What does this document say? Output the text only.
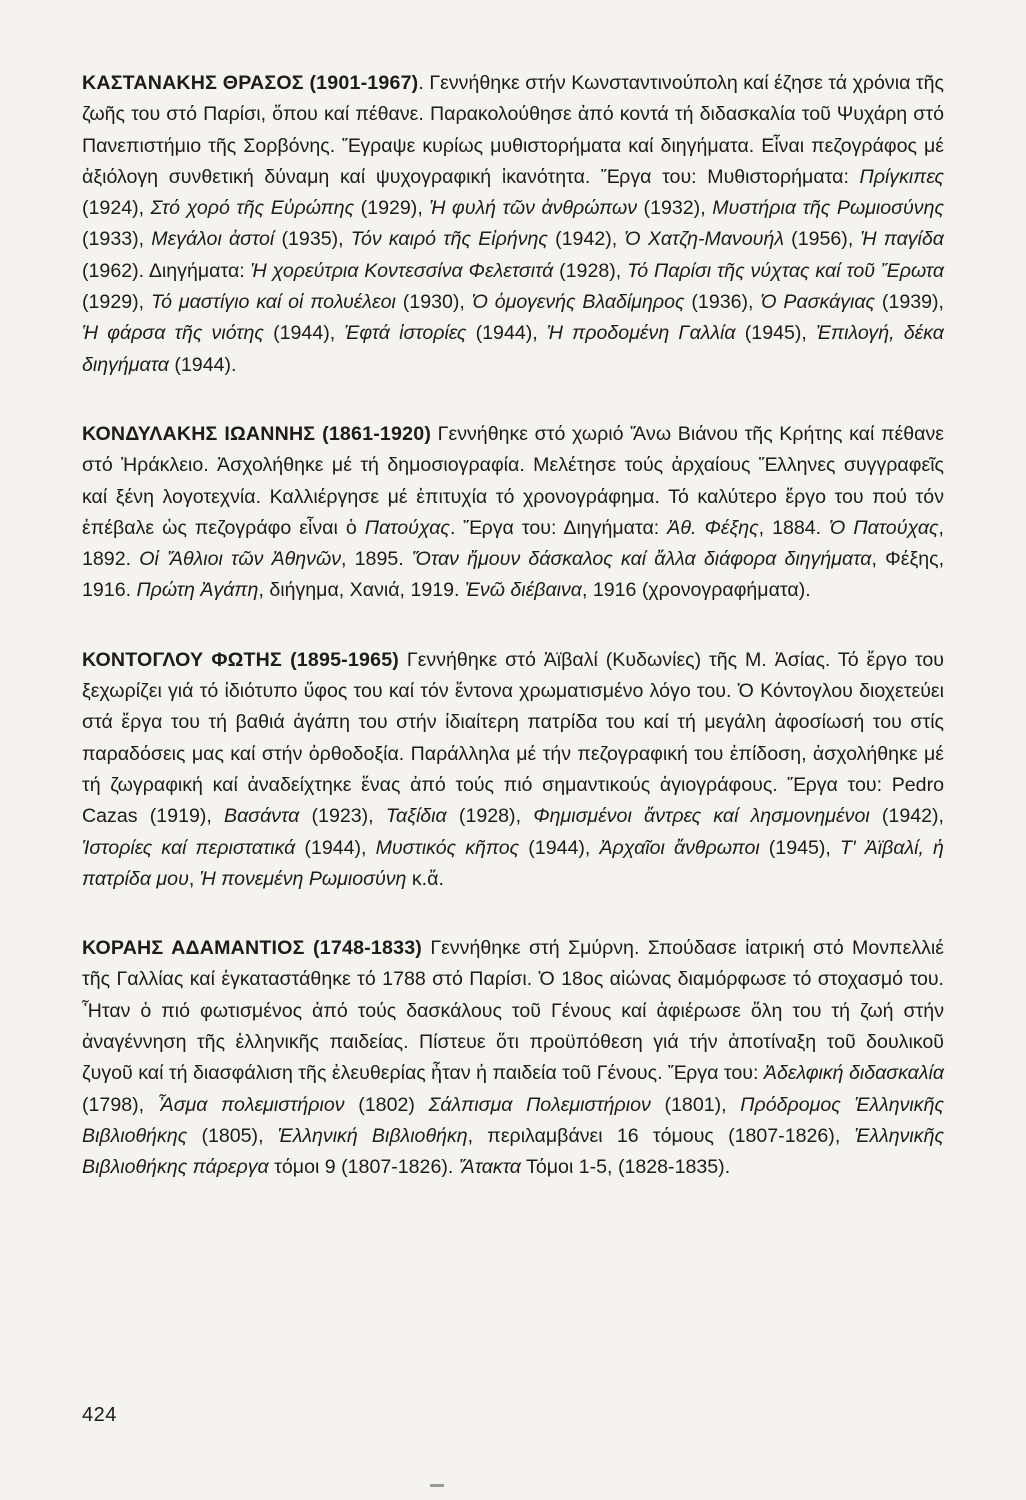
ΚΑΣΤΑΝΑΚΗΣ ΘΡΑΣΟΣ (1901-1967). Γεννήθηκε στήν Κωνσταντινούπολη καί έζησε τά χρόνια τῆς ζωῆς του στό Παρίσι, ὅπου καί πέθανε. Παρακολούθησε ἀπό κοντά τή διδασκαλία τοῦ Ψυχάρη στό Πανεπιστήμιο τῆς Σορβόνης. Ἔγραψε κυρίως μυθιστορήματα καί διηγήματα. Εἶναι πεζογράφος μέ ἀξιόλογη συνθετική δύναμη καί ψυχογραφική ἱκανότητα. Ἔργα του: Μυθιστορήματα: Πρίγκιπες (1924), Στό χορό τῆς Εὐρώπης (1929), Ἡ φυλή τῶν ἀνθρώπων (1932), Μυστήρια τῆς Ρωμιοσύνης (1933), Μεγάλοι ἀστοί (1935), Τόν καιρό τῆς Εἰρήνης (1942), Ὁ Χατζη-Μανουήλ (1956), Ἡ παγίδα (1962). Διηγήματα: Ἡ χορεύτρια Κοντεσσίνα Φελετσιτά (1928), Τό Παρίσι τῆς νύχτας καί τοῦ Ἔρωτα (1929), Τό μαστίγιο καί οἱ πολυέλεοι (1930), Ὁ ὁμογενής Βλαδίμηρος (1936), Ὁ Ρασκάγιας (1939), Ἡ φάρσα τῆς νιότης (1944), Ἑφτά ἱστορίες (1944), Ἡ προδομένη Γαλλία (1945), Ἐπιλογή, δέκα διηγήματα (1944).

ΚΟΝΔΥΛΑΚΗΣ ΙΩΑΝΝΗΣ (1861-1920) Γεννήθηκε στό χωριό Ἄνω Βιάνου τῆς Κρήτης καί πέθανε στό Ἡράκλειο. Ἀσχολήθηκε μέ τή δημοσιογραφία. Μελέτησε τούς ἀρχαίους Ἕλληνες συγγραφεῖς καί ξένη λογοτεχνία. Καλλιέργησε μέ ἐπιτυχία τό χρονογράφημα. Τό καλύτερο ἔργο του πού τόν ἐπέβαλε ὡς πεζογράφο εἶναι ὁ Πατούχας. Ἔργα του: Διηγήματα: Ἀθ. Φέξης, 1884. Ὁ Πατούχας, 1892. Οἱ Ἄθλιοι τῶν Ἀθηνῶν, 1895. Ὅταν ἤμουν δάσκαλος καί ἄλλα διάφορα διηγήματα, Φέξης, 1916. Πρώτη Ἀγάπη, διήγημα, Χανιά, 1919. Ἐνῶ διέβαινα, 1916 (χρονογραφήματα).

ΚΟΝΤΟΓΛΟΥ ΦΩΤΗΣ (1895-1965) Γεννήθηκε στό Ἀϊβαλί (Κυδωνίες) τῆς Μ. Ἀσίας. Τό ἔργο του ξεχωρίζει γιά τό ἰδιότυπο ὕφος του καί τόν ἔντονα χρωματισμένο λόγο του. Ὁ Κόντογλου διοχετεύει στά ἔργα του τή βαθιά ἀγάπη του στήν ἰδιαίτερη πατρίδα του καί τή μεγάλη ἀφοσίωσή του στίς παραδόσεις μας καί στήν ὀρθοδοξία. Παράλληλα μέ τήν πεζογραφική του ἐπίδοση, ἀσχολήθηκε μέ τή ζωγραφική καί ἀναδείχτηκε ἕνας ἀπό τούς πιό σημαντικούς ἁγιογράφους. Ἔργα του: Pedro Cazas (1919), Βασάντα (1923), Ταξίδια (1928), Φημισμένοι ἄντρες καί λησμονημένοι (1942), Ἱστορίες καί περιστατικά (1944), Μυστικός κῆπος (1944), Ἀρχαῖοι ἄνθρωποι (1945), Τ' Ἀϊβαλί, ἡ πατρίδα μου, Ἡ πονεμένη Ρωμιοσύνη κ.ἄ.

ΚΟΡΑΗΣ ΑΔΑΜΑΝΤΙΟΣ (1748-1833) Γεννήθηκε στή Σμύρνη. Σπούδασε ἰατρική στό Μονπελλιέ τῆς Γαλλίας καί ἐγκαταστάθηκε τό 1788 στό Παρίσι. Ὁ 18ος αἰώνας διαμόρφωσε τό στοχασμό του. Ἦταν ὁ πιό φωτισμένος ἀπό τούς δασκάλους τοῦ Γένους καί ἀφιέρωσε ὅλη του τή ζωή στήν ἀναγέννηση τῆς ἑλληνικῆς παιδείας. Πίστευε ὅτι προϋπόθεση γιά τήν ἀποτίναξη τοῦ δουλικοῦ ζυγοῦ καί τή διασφάλιση τῆς ἐλευθερίας ἦταν ἡ παιδεία τοῦ Γένους. Ἔργα του: Ἀδελφική διδασκαλία (1798), Ἆσμα πολεμιστήριον (1802) Σάλπισμα Πολεμιστήριον (1801), Πρόδρομος Ἑλληνικῆς Βιβλιοθήκης (1805), Ἑλληνική Βιβλιοθήκη, περιλαμβάνει 16 τόμους (1807-1826), Ἑλληνικῆς Βιβλιοθήκης πάρεργα τόμοι 9 (1807-1826). Ἄτακτα Τόμοι 1-5, (1828-1835).

424
